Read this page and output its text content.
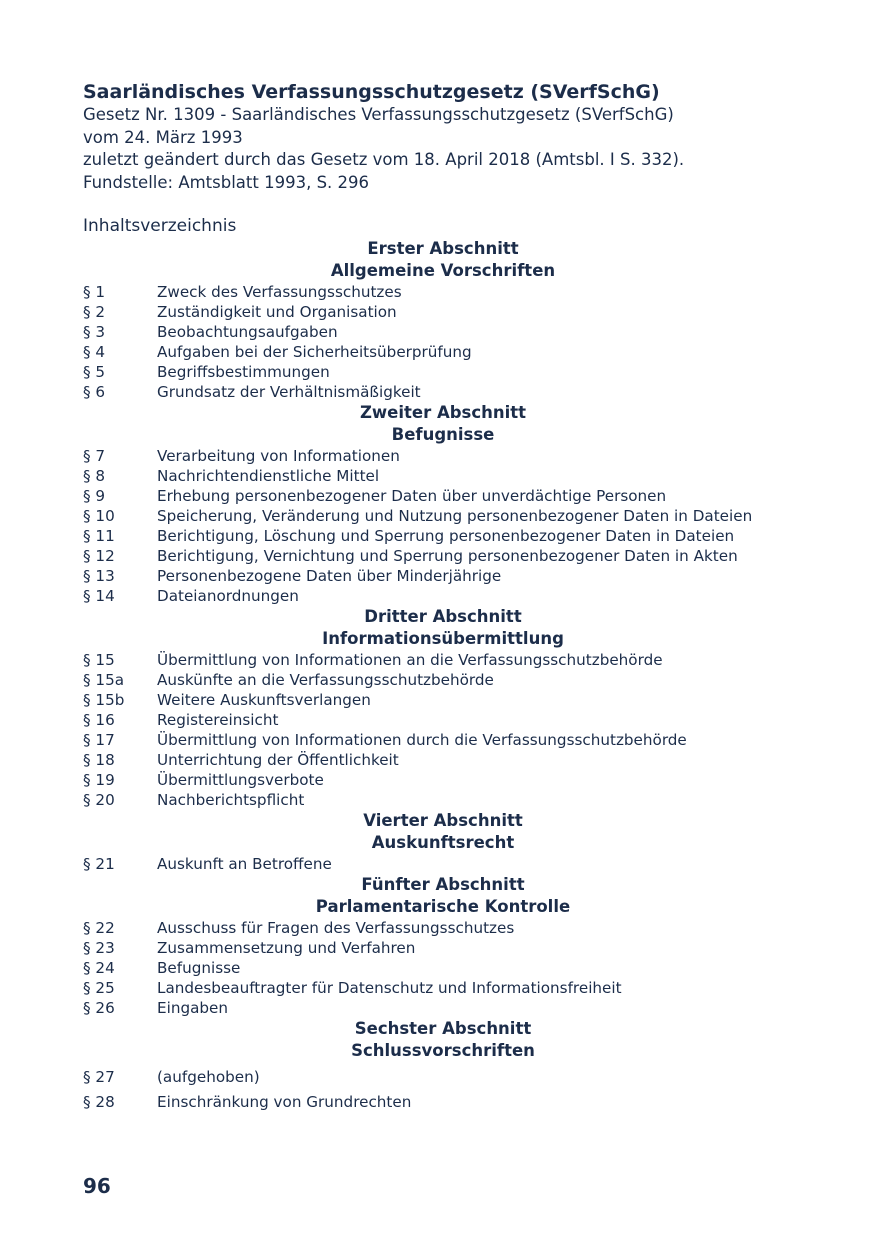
Saarländisches Verfassungsschutzgesetz (SVerfSchG)
Gesetz Nr. 1309 - Saarländisches Verfassungsschutzgesetz (SVerfSchG)
vom 24. März 1993
zuletzt geändert durch das Gesetz vom 18. April 2018 (Amtsbl. I S. 332).
Fundstelle: Amtsblatt 1993, S. 296
Inhaltsverzeichnis
Erster Abschnitt
Allgemeine Vorschriften
§ 1	Zweck des Verfassungsschutzes
§ 2	Zuständigkeit und Organisation
§ 3	Beobachtungsaufgaben
§ 4	Aufgaben bei der Sicherheitsüberprüfung
§ 5	Begriffsbestimmungen
§ 6	Grundsatz der Verhältnismäßigkeit
Zweiter Abschnitt
Befugnisse
§ 7	Verarbeitung von Informationen
§ 8	Nachrichtendienstliche Mittel
§ 9	Erhebung personenbezogener Daten über unverdächtige Personen
§ 10	Speicherung, Veränderung und Nutzung personenbezogener Daten in Dateien
§ 11	Berichtigung, Löschung und Sperrung personenbezogener Daten in Dateien
§ 12	Berichtigung, Vernichtung und Sperrung personenbezogener Daten in Akten
§ 13	Personenbezogene Daten über Minderjährige
§ 14	Dateianordnungen
Dritter Abschnitt
Informationsübermittlung
§ 15	Übermittlung von Informationen an die Verfassungsschutzbehörde
§ 15a	Auskünfte an die Verfassungsschutzbehörde
§ 15b	Weitere Auskunftsverlangen
§ 16	Registereinsicht
§ 17	Übermittlung von Informationen durch die Verfassungsschutzbehörde
§ 18	Unterrichtung der Öffentlichkeit
§ 19	Übermittlungsverbote
§ 20	Nachberichtspflicht
Vierter Abschnitt
Auskunftsrecht
§ 21	Auskunft an Betroffene
Fünfter Abschnitt
Parlamentarische Kontrolle
§ 22	Ausschuss für Fragen des Verfassungsschutzes
§ 23	Zusammensetzung und Verfahren
§ 24	Befugnisse
§ 25	Landesbeauftragter für Datenschutz und Informationsfreiheit
§ 26	Eingaben
Sechster Abschnitt
Schlussvorschriften
§ 27	(aufgehoben)
§ 28	Einschränkung von Grundrechten
96
